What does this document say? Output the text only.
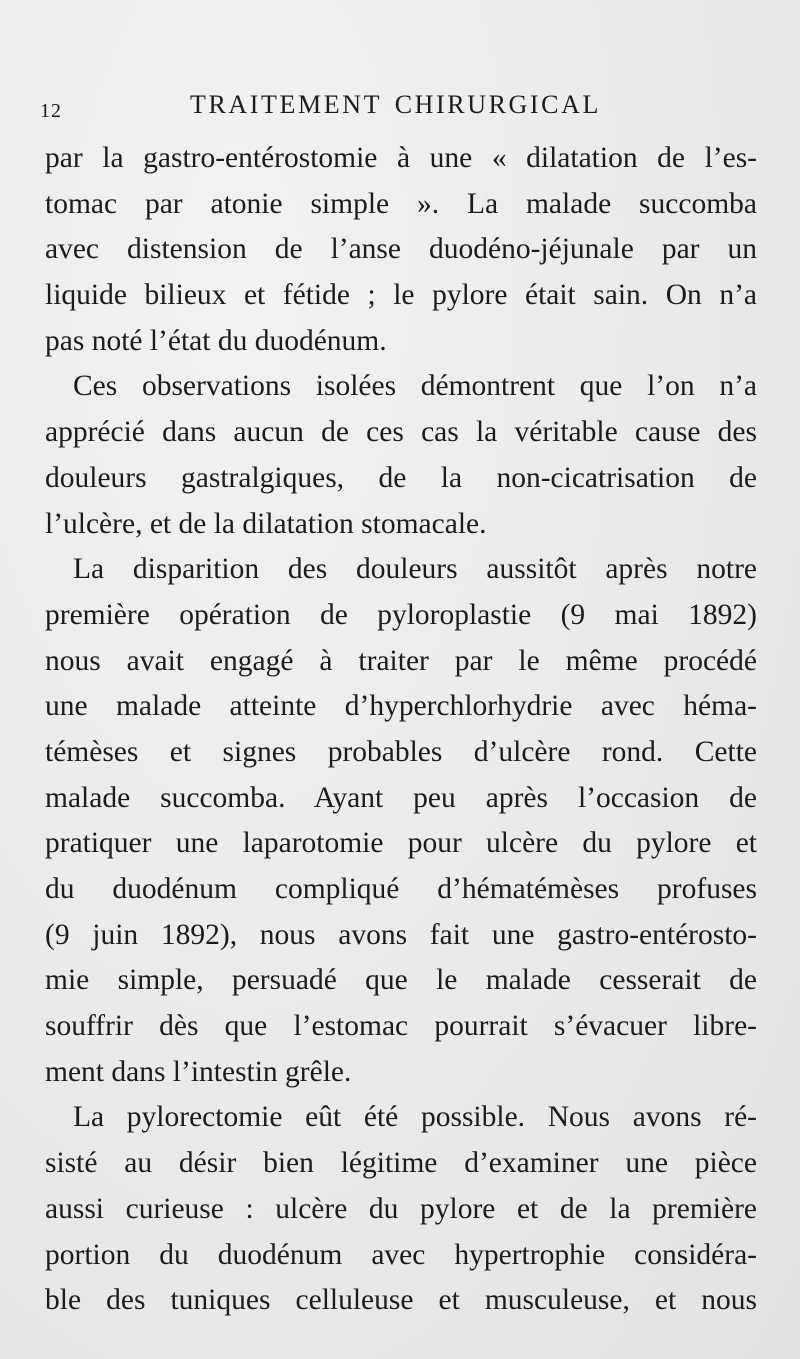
12	TRAITEMENT CHIRURGICAL
par la gastro-entérostomie à une « dilatation de l’es-
tomac par atonie simple ». La malade succomba
avec distension de l’anse duodéno-jéjunale par un
liquide bilieux et fétide ; le pylore était sain. On n’a
pas noté l’état du duodénum.
Ces observations isolées démontrent que l’on n’a
apprécié dans aucun de ces cas la véritable cause des
douleurs gastralgiques, de la non-cicatrisation de
l’ulcère, et de la dilatation stomacale.
La disparition des douleurs aussitôt après notre
première opération de pyloroplastie (9 mai 1892)
nous avait engagé à traiter par le même procédé
une malade atteinte d’hyperchlorhydrie avec héma-
témèses et signes probables d’ulcère rond. Cette
malade succomba. Ayant peu après l’occasion de
pratiquer une laparotomie pour ulcère du pylore et
du duodénum compliqué d’hématémèses profuses
(9 juin 1892), nous avons fait une gastro-entérosto-
mie simple, persuadé que le malade cesserait de
souffrir dès que l’estomac pourrait s’évacuer libre-
ment dans l’intestin grêle.
La pylorectomie eût été possible. Nous avons ré-
sisté au désir bien légitime d’examiner une pièce
aussi curieuse : ulcère du pylore et de la première
portion du duodénum avec hypertrophie considéra-
ble des tuniques celluleuse et musculeuse, et nous
